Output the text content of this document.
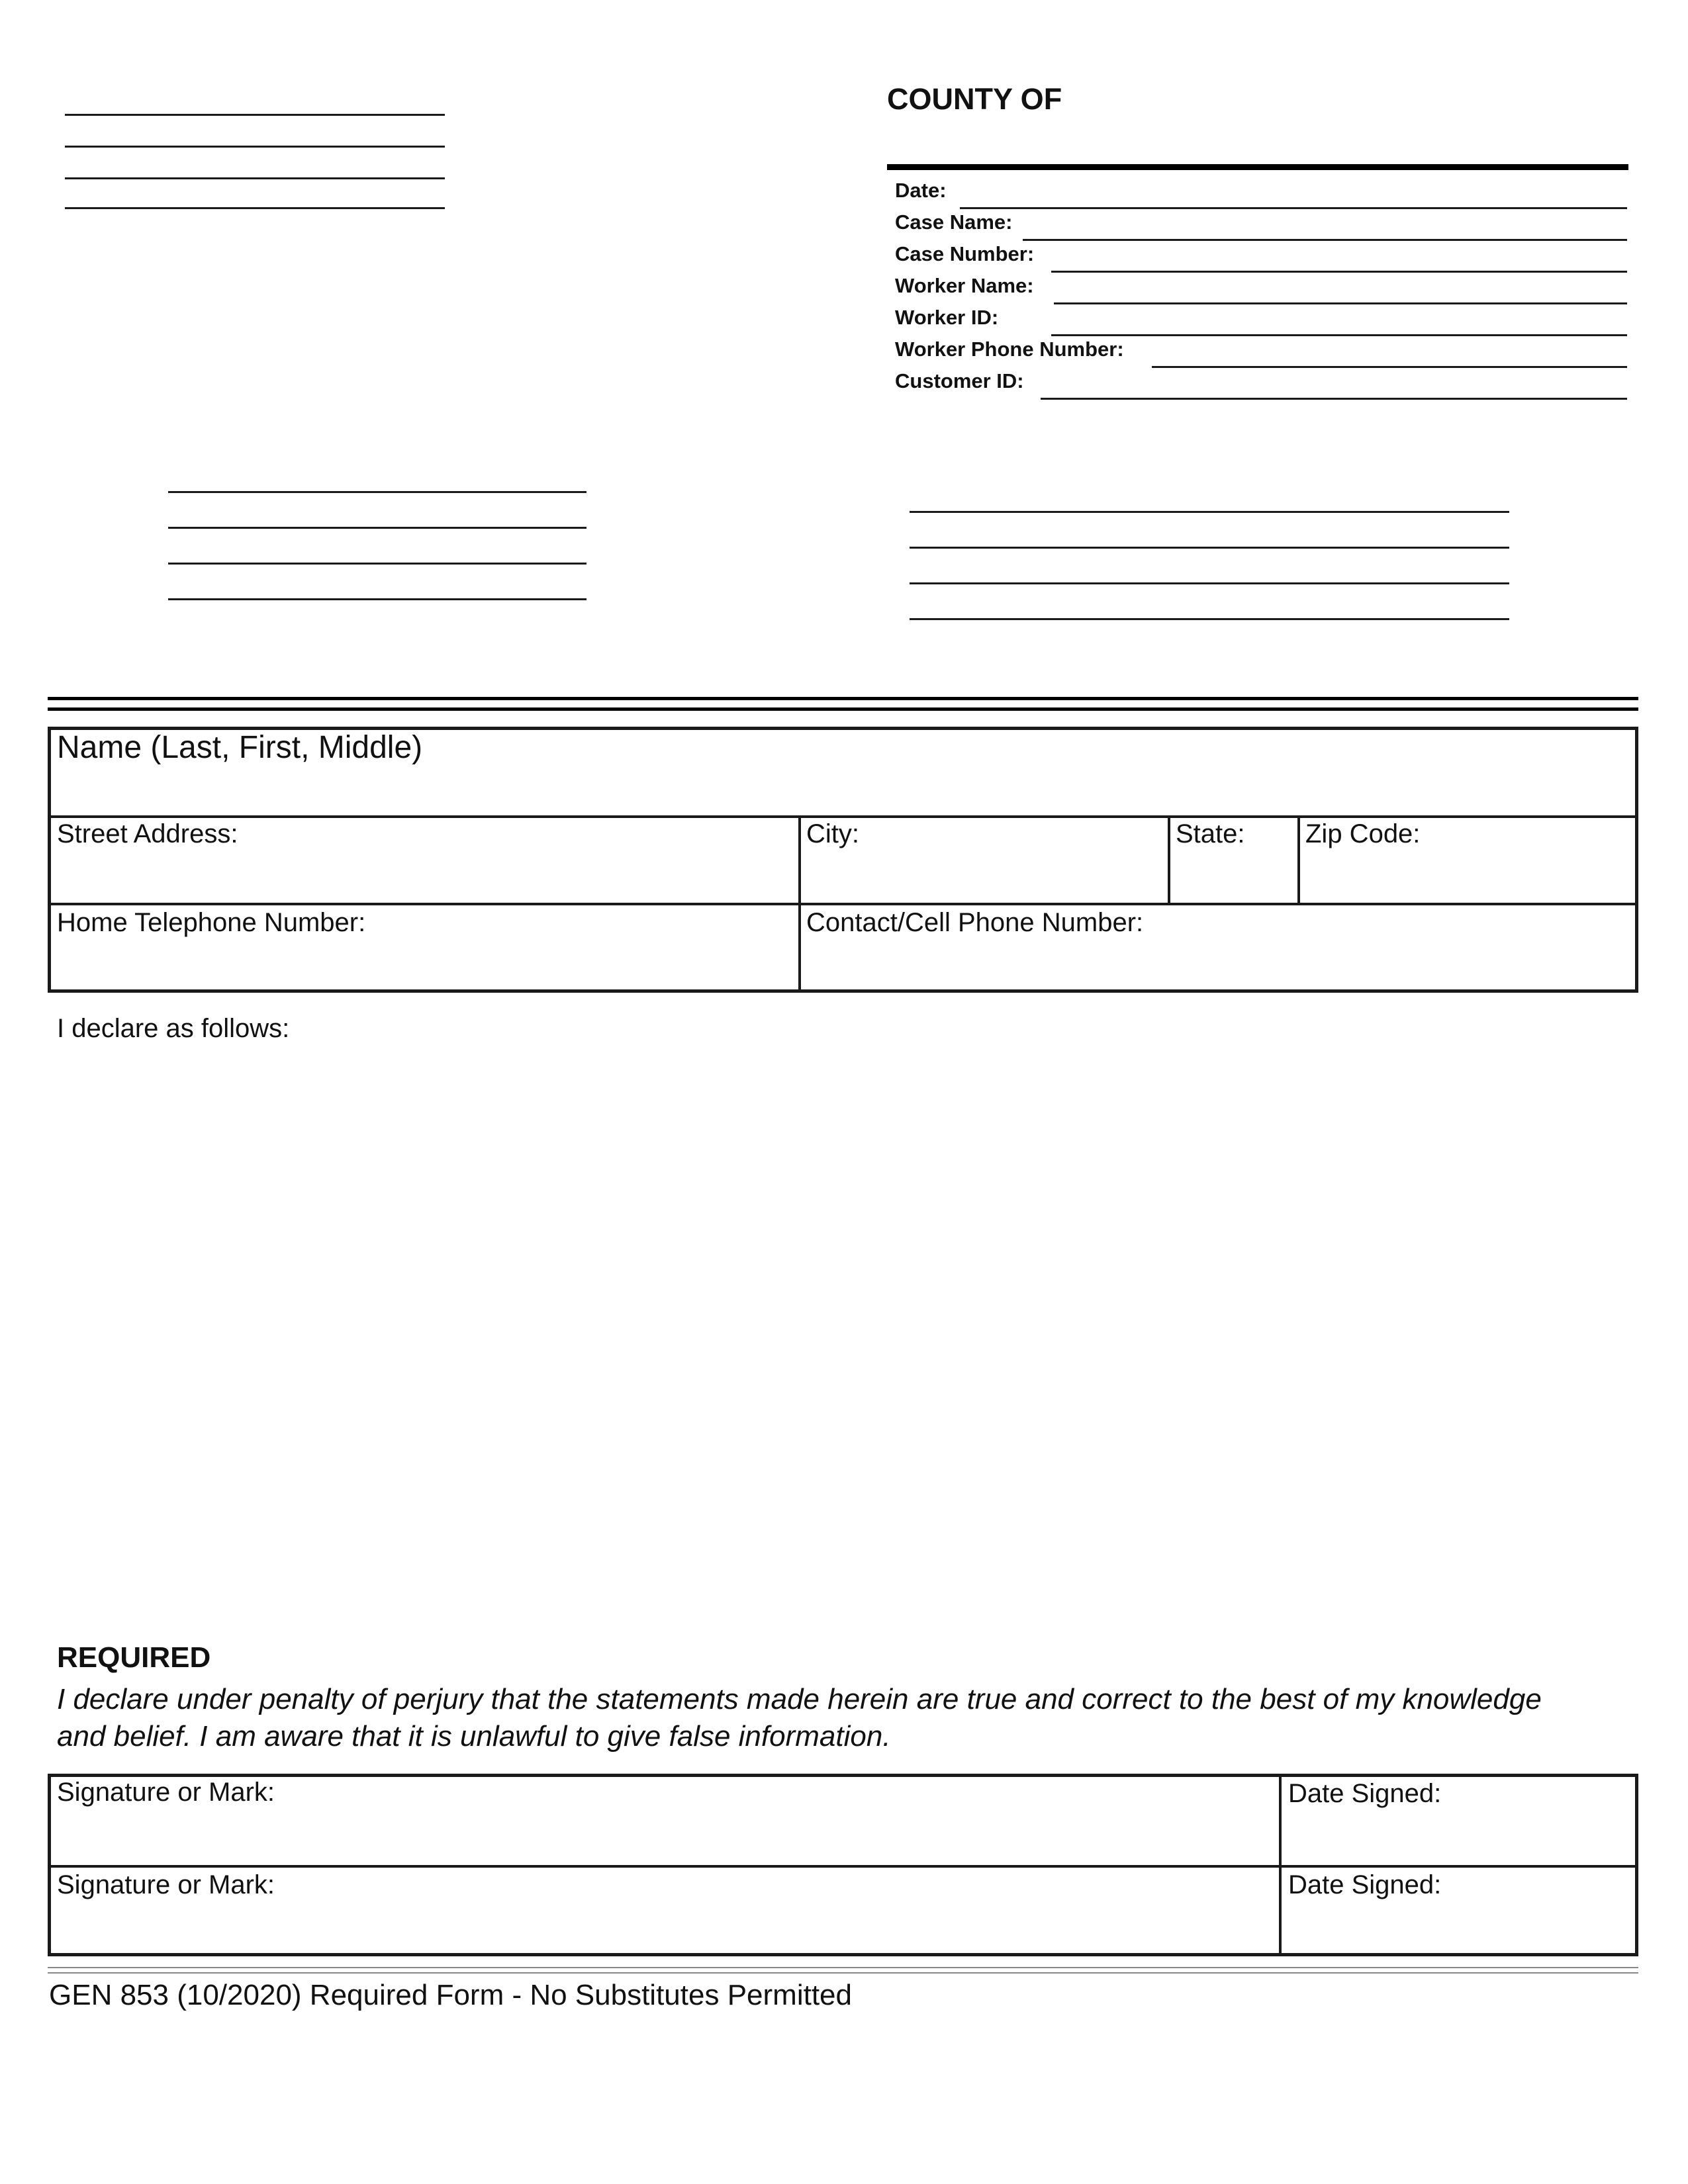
COUNTY OF
Date:
Case Name:
Case Number:
Worker Name:
Worker ID:
Worker Phone Number:
Customer ID:
Name (Last, First, Middle)
Street Address:	City:	State: Zip Code:
Home Telephone Number:	Contact/Cell Phone Number:
I declare as follows:
REQUIRED
I declare under penalty of perjury that the statements made herein are true and correct to the best of my knowledge and belief. I am aware that it is unlawful to give false information.
Signature or Mark:	Date Signed:
Signature or Mark:	Date Signed:
GEN 853 (10/2020) Required Form - No Substitutes Permitted
